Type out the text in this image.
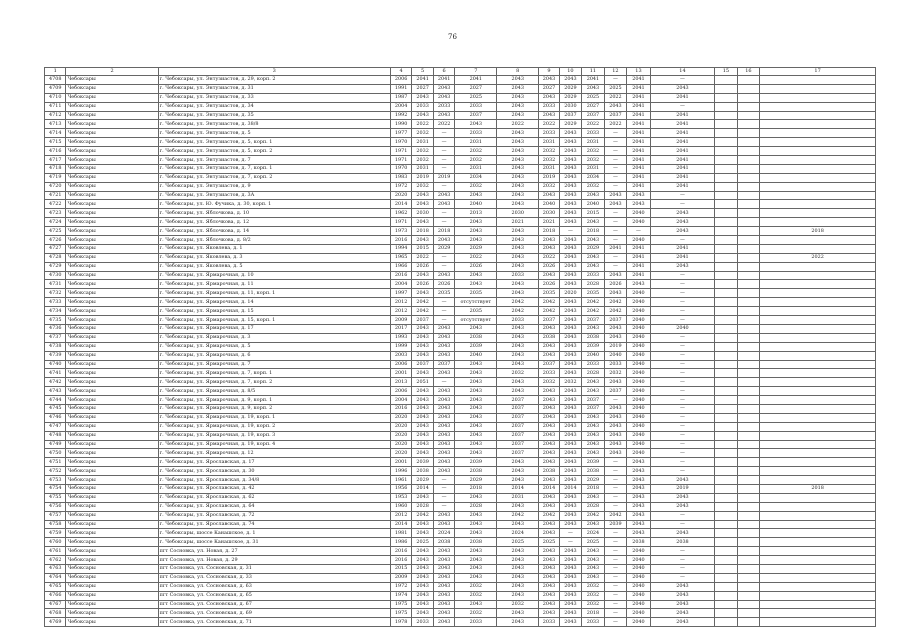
76
1	2	3	4	5	6	7	8	9	10	11	12	13	14	15	16	17
4708	Чебоксары	г. Чебоксары, ул. Энтузиастов, д. 29, корп. 2	2006	2041	2041	2041	2043	2043	2043	2041	—	2041	—			
4709	Чебоксары	г. Чебоксары, ул. Энтузиастов, д. 31	1991	2027	2043	2027	2043	2027	2029	2043	2025	2041	2043			
4710	Чебоксары	г. Чебоксары, ул. Энтузиастов, д. 33	1987	2043	2043	2025	2043	2043	2029	2025	2022	2041	2041			
4711	Чебоксары	г. Чебоксары, ул. Энтузиастов, д. 34	2004	2033	2033	2033	2043	2033	2030	2027	2043	2041	—			
4712	Чебоксары	г. Чебоксары, ул. Энтузиастов, д. 35	1992	2043	2043	2037	2043	2043	2037	2037	2037	2041	2041			
4713	Чебоксары	г. Чебоксары, ул. Энтузиастов, д. 38/8	1990	2022	2022	2043	2022	2022	2029	2022	2022	2041	2041			
4714	Чебоксары	г. Чебоксары, ул. Энтузиастов, д. 5	1977	2032	—	2033	2043	2033	2043	2033	—	2041	2041			
4715	Чебоксары	г. Чебоксары, ул. Энтузиастов, д. 5, корп. 1	1970	2031	—	2031	2043	2031	2043	2031	—	2041	2041			
4716	Чебоксары	г. Чебоксары, ул. Энтузиастов, д. 5, корп. 2	1971	2032	—	2032	2043	2032	2043	2032	—	2041	2041			
4717	Чебоксары	г. Чебоксары, ул. Энтузиастов, д. 7	1971	2032	—	2032	2043	2032	2043	2032	—	2041	2041			
4718	Чебоксары	г. Чебоксары, ул. Энтузиастов, д. 7, корп. 1	1970	2031	—	2031	2043	2031	2043	2031	—	2041	2041			
4719	Чебоксары	г. Чебоксары, ул. Энтузиастов, д. 7, корп. 2	1983	2019	2019	2034	2043	2019	2043	2034	—	2041	2041			
4720	Чебоксары	г. Чебоксары, ул. Энтузиастов, д. 9	1972	2032	—	2032	2043	2032	2043	2032	—	2041	2041			
4721	Чебоксары	г. Чебоксары, ул. Энтузиастов, д. 3А	2020	2043	2043	2043	2043	2043	2043	2043	2043	2043	—			
4722	Чебоксары	г. Чебоксары, ул. Ю. Фучика, д. 30, корп. 1	2014	2043	2043	2040	2043	2040	2043	2040	2043	2043	—			
4723	Чебоксары	г. Чебоксары, ул. Яблочкова, д. 10	1962	2030	—	2013	2030	2030	2043	2015	—	2040	2043			
4724	Чебоксары	г. Чебоксары, ул. Яблочкова, д. 12	1971	2043	—	2043	2021	2021	2043	2043	—	2040	2043			
4725	Чебоксары	г. Чебоксары, ул. Яблочкова, д. 14	1973	2018	2018	2043	2043	2018	—	2018	—	—	2043			2018
4726	Чебоксары	г. Чебоксары, ул. Яблочкова, д. 8/2	2016	2043	2043	2043	2043	2043	2043	2043	—	2040	—			
4727	Чебоксары	г. Чебоксары, ул. Яковлева, д. 1	1994	2015	2029	2029	2043	2043	2043	2029	2041	2041	2041			
4728	Чебоксары	г. Чебоксары, ул. Яковлева, д. 3	1965	2022	—	2022	2043	2022	2043	2043	—	2041	2041			2022
4729	Чебоксары	г. Чебоксары, ул. Яковлева, д. 5	1966	2026	—	2026	2043	2026	2043	2043	—	2041	2043			
4730	Чебоксары	г. Чебоксары, ул. Ярмарочная, д. 10	2016	2043	2043	2043	2033	2043	2043	2033	2043	2041	—			
4731	Чебоксары	г. Чебоксары, ул. Ярмарочная, д. 11	2004	2026	2026	2043	2043	2026	2043	2028	2026	2043	—			
4732	Чебоксары	г. Чебоксары, ул. Ярмарочная, д. 11, корп. 1	1997	2043	2035	2035	2043	2035	2020	2035	2043	2040	—			
4733	Чебоксары	г. Чебоксары, ул. Ярмарочная, д. 14	2012	2042	—	отсутствует	2042	2042	2043	2042	2042	2040	—			
4734	Чебоксары	г. Чебоксары, ул. Ярмарочная, д. 15	2012	2042	—	2035	2042	2042	2043	2042	2042	2040	—			
4735	Чебоксары	г. Чебоксары, ул. Ярмарочная, д. 15, корп. 1	2009	2037	—	отсутствует	2033	2037	2043	2037	2037	2040	—			
4736	Чебоксары	г. Чебоксары, ул. Ярмарочная, д. 17	2017	2043	2043	2043	2043	2043	2043	2043	2043	2040	2040			
4737	Чебоксары	г. Чебоксары, ул. Ярмарочная, д. 3	1993	2043	2043	2038	2043	2038	2043	2038	2043	2040	—			
4738	Чебоксары	г. Чебоксары, ул. Ярмарочная, д. 5	1999	2043	2043	2039	2043	2043	2043	2039	2019	2040	—			
4739	Чебоксары	г. Чебоксары, ул. Ярмарочная, д. 6	2003	2043	2043	2040	2043	2043	2043	2040	2040	2040	—			
4740	Чебоксары	г. Чебоксары, ул. Ярмарочная, д. 7	2006	2037	2037	2043	2043	2037	2043	2033	2033	2040	—			
4741	Чебоксары	г. Чебоксары, ул. Ярмарочная, д. 7, корп. 1	2001	2043	2043	2043	2032	2033	2043	2028	2032	2040	—			
4742	Чебоксары	г. Чебоксары, ул. Ярмарочная, д. 7, корп. 2	2013	2051	—	2043	2043	2032	2032	2043	2043	2040	—			
4743	Чебоксары	г. Чебоксары, ул. Ярмарочная, д. 8/5	2006	2043	2043	2043	2043	2043	2043	2043	2037	2040	—			
4744	Чебоксары	г. Чебоксары, ул. Ярмарочная, д. 9, корп. 1	2004	2043	2043	2043	2037	2043	2043	2037	—	2040	—			
4745	Чебоксары	г. Чебоксары, ул. Ярмарочная, д. 9, корп. 2	2016	2043	2043	2043	2037	2043	2043	2037	2043	2040	—			
4746	Чебоксары	г. Чебоксары, ул. Ярмарочная, д. 19, корп. 1	2020	2043	2043	2043	2037	2043	2043	2043	2043	2040	—			
4747	Чебоксары	г. Чебоксары, ул. Ярмарочная, д. 19, корп. 2	2020	2043	2043	2043	2037	2043	2043	2043	2043	2040	—			
4748	Чебоксары	г. Чебоксары, ул. Ярмарочная, д. 19, корп. 3	2020	2043	2043	2043	2037	2043	2043	2043	2043	2040	—			
4749	Чебоксары	г. Чебоксары, ул. Ярмарочная, д. 19, корп. 4	2020	2043	2043	2043	2037	2043	2043	2043	2043	2040	—			
4750	Чебоксары	г. Чебоксары, ул. Ярмарочная, д. 12	2020	2043	2043	2043	2037	2043	2043	2043	2043	2040	—			
4751	Чебоксары	г. Чебоксары, ул. Ярославская, д. 17	2001	2039	2043	2039	2043	2043	2043	2039	—	2043	—			
4752	Чебоксары	г. Чебоксары, ул. Ярославская, д. 30	1996	2038	2043	2038	2043	2038	2043	2038	—	2043	—			
4753	Чебоксары	г. Чебоксары, ул. Ярославская, д. 34/8	1961	2029	—	2029	2043	2043	2043	2029	—	2043	2043			
4754	Чебоксары	г. Чебоксары, ул. Ярославская, д. 42	1956	2014	—	2018	2014	2014	2014	2018	—	2043	2019			2018
4755	Чебоксары	г. Чебоксары, ул. Ярославская, д. 62	1953	2043	—	2043	2031	2043	2043	2043	—	2043	2043			
4756	Чебоксары	г. Чебоксары, ул. Ярославская, д. 64	1960	2028	—	2028	2043	2043	2043	2028	—	2043	2043			
4757	Чебоксары	г. Чебоксары, ул. Ярославская, д. 72	2012	2042	2043	2043	2042	2042	2043	2042	2042	2043	—			
4758	Чебоксары	г. Чебоксары, ул. Ярославская, д. 74	2014	2043	2043	2043	2043	2043	2043	2043	2039	2043	—			
4759	Чебоксары	г. Чебоксары, шоссе Канашское, д. 1	1981	2043	2024	2043	2024	2043	—	2024	—	2043	2043			
4760	Чебоксары	г. Чебоксары, шоссе Канашское, д. 31	1986	2025	2038	2038	2025	2025	—	2025	—	2038	2038			
4761	Чебоксары	пгт Сосновка, ул. Новая, д. 27	2016	2043	2043	2043	2043	2043	2043	2043	—	2040	—			
4762	Чебоксары	пгт Сосновка, ул. Новая, д. 29	2016	2043	2043	2043	2043	2043	2043	2043	—	2040	—			
4763	Чебоксары	пгт Сосновка, ул. Сосновская, д. 31	2015	2043	2043	2043	2043	2043	2043	2043	—	2040	—			
4764	Чебоксары	пгт Сосновка, ул. Сосновская, д. 33	2009	2043	2043	2043	2043	2043	2043	2043	—	2040	—			
4765	Чебоксары	пгт Сосновка, ул. Сосновская, д. 63	1972	2043	2043	2032	2043	2043	2043	2032	—	2040	2043			
4766	Чебоксары	пгт Сосновка, ул. Сосновская, д. 65	1974	2043	2043	2032	2043	2043	2043	2032	—	2040	2043			
4767	Чебоксары	пгт Сосновка, ул. Сосновская, д. 67	1975	2043	2043	2043	2032	2043	2043	2032	—	2040	2043			
4768	Чебоксары	пгт Сосновка, ул. Сосновская, д. 69	1975	2043	2043	2032	2043	2043	2043	2018	—	2040	2043			
4769	Чебоксары	пгт Сосновка, ул. Сосновская, д. 71	1978	2033	2043	2033	2043	2033	2043	2033	—	2040	2043			
